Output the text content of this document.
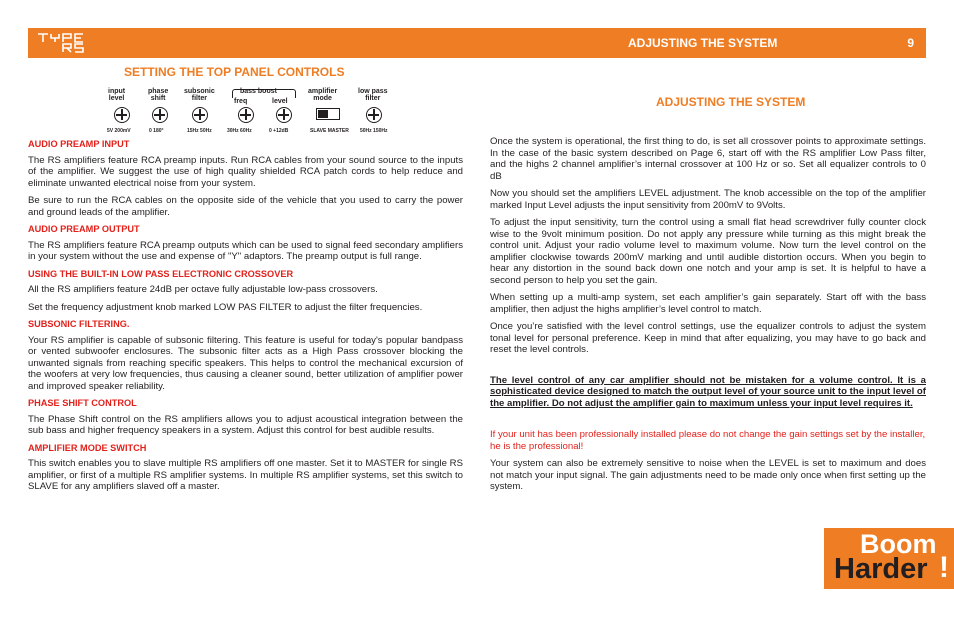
ADJUSTING THE SYSTEM	9
SETTING THE TOP PANEL CONTROLS
input
level
phase
shift
subsonic
filter
bass boost
freq	level
amplifier
mode
low pass
filter
5V 200mV	0 180°	15Hz 50Hz	30Hz 60Hz	0 +12dB	SLAVE MASTER 50Hz 150Hz
AUDIO PREAMP INPUT

The RS amplifiers feature RCA preamp inputs. Run RCA cables from your sound source to the inputs of the amplifier. We suggest the use of high quality shielded RCA patch cords to help reduce and eliminate unwanted electrical noise from your system.

Be sure to run the RCA cables on the opposite side of the vehicle that you used to carry the power and ground leads of the amplifier.

AUDIO PREAMP OUTPUT

The RS amplifiers feature RCA preamp outputs which can be used to signal feed secondary amplifiers in your system without the use and expense of "Y" adaptors. The preamp output is full range.

USING THE BUILT-IN LOW PASS ELECTRONIC CROSSOVER

All the RS amplifiers feature 24dB per octave fully adjustable low-pass crossovers.

Set the frequency adjustment knob marked LOW PAS FILTER to adjust the filter frequencies.

SUBSONIC FILTERING.

Your RS amplifier is capable of subsonic filtering. This feature is useful for today's popular bandpass or vented subwoofer enclosures. The subsonic filter acts as a High Pass crossover blocking the unwanted signals from reaching specific speakers. This helps to control the mechanical excursion of the woofers at very low frequencies, thus causing a cleaner sound, better utilization of amplifier power and improved speaker reliability.

PHASE SHIFT CONTROL

The Phase Shift control on the RS amplifiers allows you to adjust acoustical integration between the sub bass and higher frequency speakers in a system. Adjust this control for best audible results.

AMPLIFIER MODE SWITCH

This switch enables you to slave multiple RS amplifiers off one master. Set it to MASTER for single RS amplifier, or first of a multiple RS amplifier systems. In multiple RS amplifier systems, set this switch to SLAVE for any amplifiers slaved off a master.

ADJUSTING THE SYSTEM

Once the system is operational, the first thing to do, is set all crossover points to approximate settings. In the case of the basic system described on Page 6, start off with the RS amplifier Low Pass filter, and the highs 2 channel amplifier’s internal crossover at 100 Hz or so. Set all equalizer controls to 0 dB

Now you should set the amplifiers LEVEL adjustment. The knob accessible on the top of the amplifier marked Input Level adjusts the input sensitivity from 200mV to 9Volts.

To adjust the input sensitivity, turn the control using a small flat head screwdriver fully counter clock wise to the 9volt minimum position. Do not apply any pressure while turning as this might break the control unit. Adjust your radio volume level to maximum volume. Now turn the level control on the amplifier clockwise towards 200mV marking and until audible distortion occurs. When you begin to hear any distortion in the sound back down one notch and your amp is set. It is helpful to have a second person to help you set the gain.

When setting up a multi-amp system, set each amplifier’s gain separately. Start off with the bass amplifier, then adjust the highs amplifier’s level control to match.

Once you’re satisfied with the level control settings, use the equalizer controls to adjust the system tonal level for personal preference. Keep in mind that after equalizing, you may have to go back and reset the level controls.

The level control of any car amplifier should not be mistaken for a volume control. It is a sophisticated device designed to match the output level of your source unit to the input level of the amplifier. Do not adjust the amplifier gain to maximum unless your input level requires it.

If your unit has been professionally installed please do not change the gain settings set by the installer, he is the professional!

Your system can also be extremely sensitive to noise when the LEVEL is set to maximum and does not match your input signal. The gain adjustments need to be made only once when first setting up the system.

Boom
Harder !
